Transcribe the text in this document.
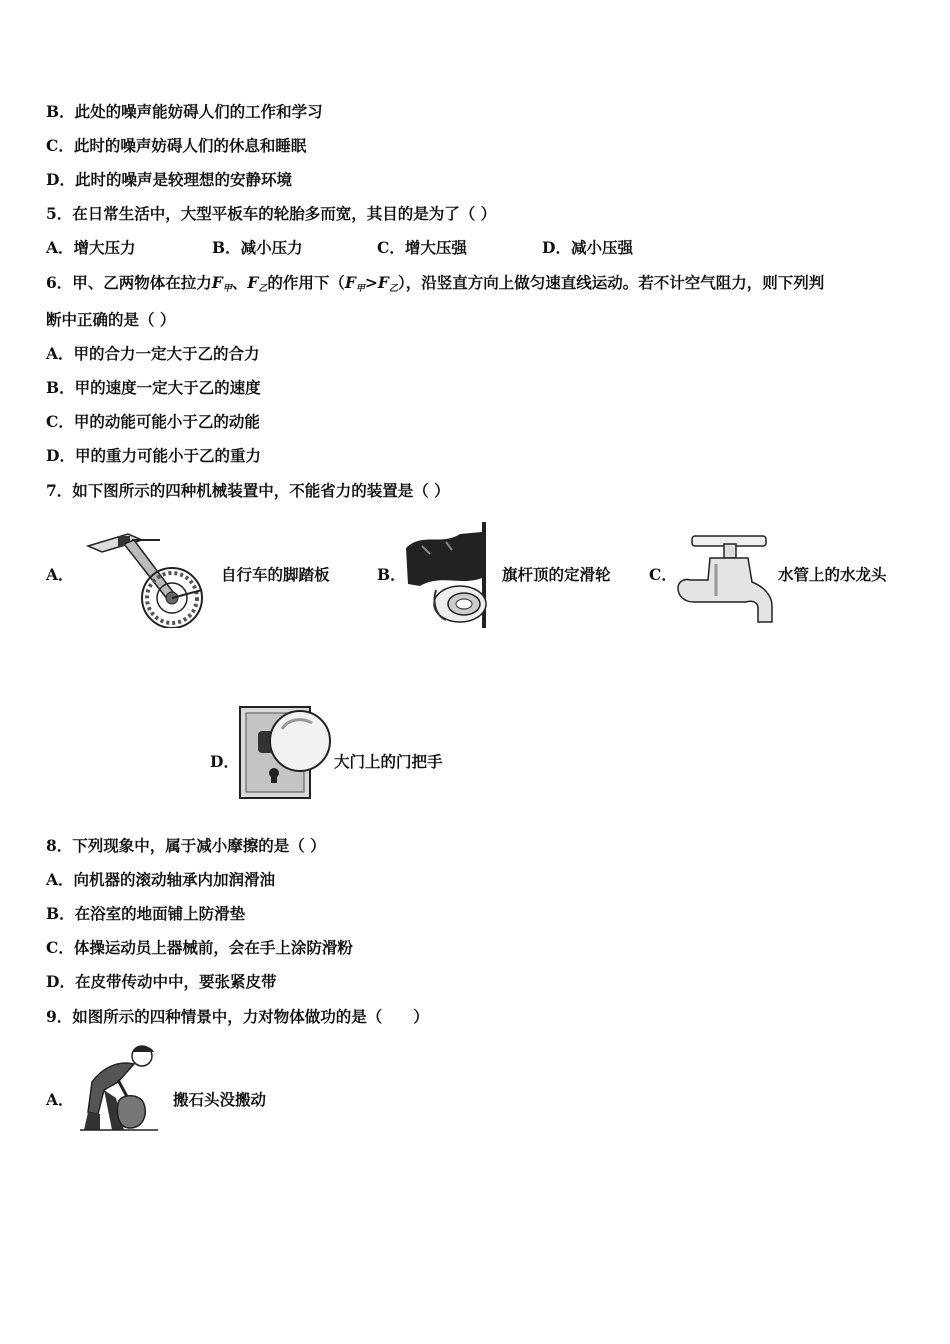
B．此处的噪声能妨碍人们的工作和学习
C．此时的噪声妨碍人们的休息和睡眠
D．此时的噪声是较理想的安静环境
5．在日常生活中，大型平板车的轮胎多而宽，其目的是为了（ ）
A．增大压力	B．减小压力	C．增大压强	D．减小压强
6．甲、乙两物体在拉力$F_甲$、$F_乙$的作用下$(F_甲>F_乙)$，沿竖直方向上做匀速直线运动。若不计空气阻力，则下列判
断中正确的是（ ）
A．甲的合力一定大于乙的合力
B．甲的速度一定大于乙的速度
C．甲的动能可能小于乙的动能
D．甲的重力可能小于乙的重力
7．如下图所示的四种机械装置中，不能省力的装置是（ ）
A．	自行车的脚踏板	B．	旗杆顶的定滑轮 C．	水管上的水龙头
D．	大门上的门把手
8．下列现象中，属于减小摩擦的是（ ）
A．向机器的滚动轴承内加润滑油
B．在浴室的地面铺上防滑垫
C．体操运动员上器械前，会在手上涂防滑粉
D．在皮带传动中中，要张紧皮带
9．如图所示的四种情景中，力对物体做功的是（　　）
A．	搬石头没搬动
